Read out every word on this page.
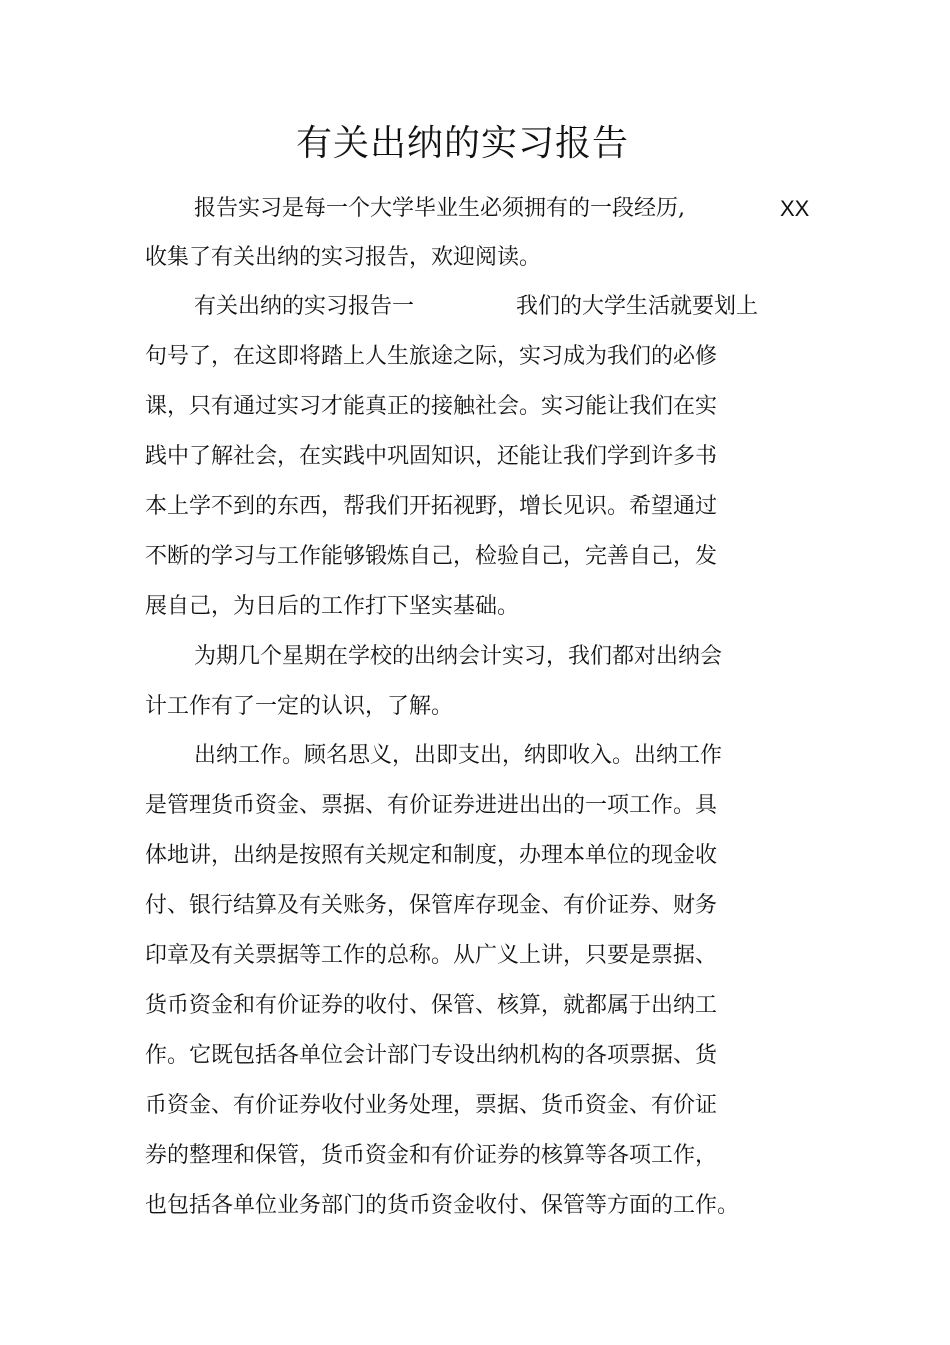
有关出纳的实习报告

报告实习是每一个大学毕业生必须拥有的一段经历,	XX

收集了有关出纳的实习报告，欢迎阅读。

有关出纳的实习报告一	我们的大学生活就要划上

句号了，在这即将踏上人生旅途之际，实习成为我们的必修

课，只有通过实习才能真正的接触社会。实习能让我们在实

践中了解社会，在实践中巩固知识，还能让我们学到许多书

本上学不到的东西，帮我们开拓视野，增长见识。希望通过

不断的学习与工作能够锻炼自己，检验自己，完善自己，发

展自己，为日后的工作打下坚实基础。

为期几个星期在学校的出纳会计实习，我们都对出纳会

计工作有了一定的认识，了解。

出纳工作。顾名思义，出即支出，纳即收入。出纳工作

是管理货币资金、票据、有价证券进进出出的一项工作。具

体地讲，出纳是按照有关规定和制度，办理本单位的现金收

付、银行结算及有关账务，保管库存现金、有价证券、财务

印章及有关票据等工作的总称。从广义上讲，只要是票据、

货币资金和有价证券的收付、保管、核算，就都属于出纳工

作。它既包括各单位会计部门专设出纳机构的各项票据、货

币资金、有价证券收付业务处理，票据、货币资金、有价证

券的整理和保管，货币资金和有价证券的核算等各项工作，

也包括各单位业务部门的货币资金收付、保管等方面的工作。
